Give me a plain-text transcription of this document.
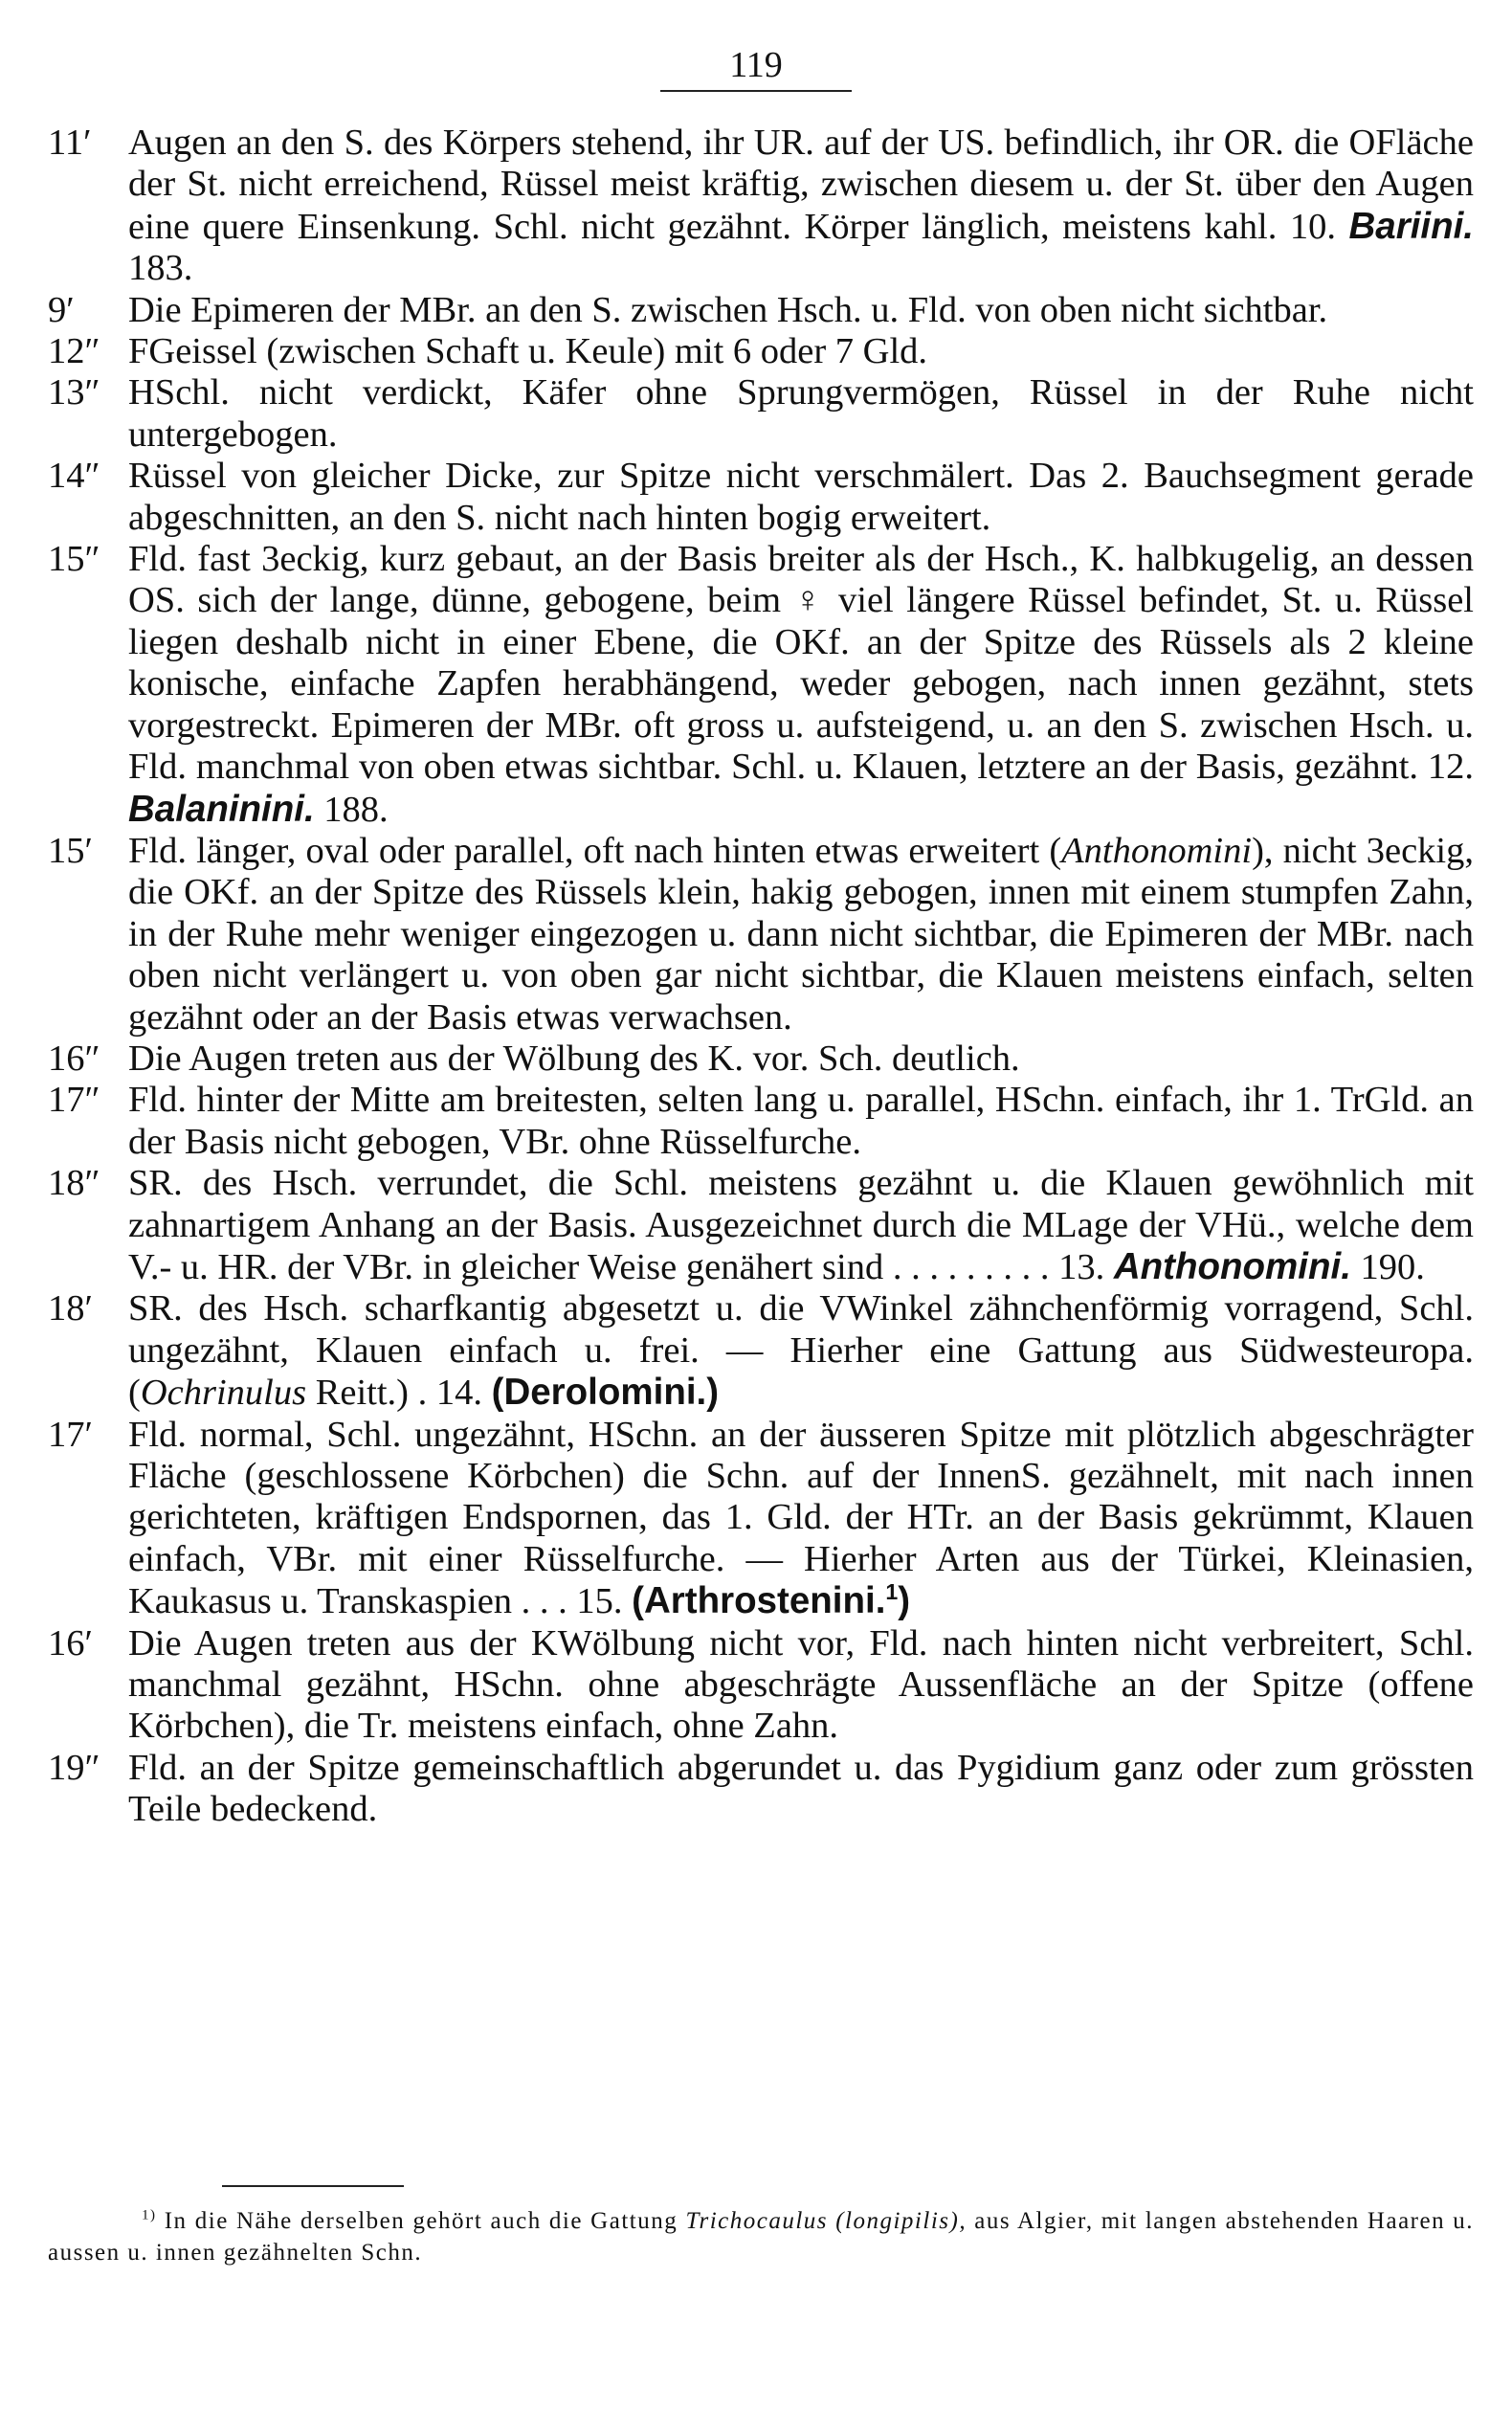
119
11′	Augen an den S. des Körpers stehend, ihr UR. auf der US. befindlich, ihr OR. die OFläche der St. nicht erreichend, Rüssel meist kräftig, zwischen diesem u. der St. über den Augen eine quere Einsenkung. Schl. nicht gezähnt. Körper länglich, meistens kahl. 10. Bariini. 183.
9′	Die Epimeren der MBr. an den S. zwischen Hsch. u. Fld. von oben nicht sichtbar.
12″ FGeissel (zwischen Schaft u. Keule) mit 6 oder 7 Gld.
13″ HSchl. nicht verdickt, Käfer ohne Sprungvermögen, Rüssel in der Ruhe nicht untergebogen.
14″ Rüssel von gleicher Dicke, zur Spitze nicht verschmälert. Das 2. Bauchsegment gerade abgeschnitten, an den S. nicht nach hinten bogig erweitert.
15″ Fld. fast 3eckig, kurz gebaut, an der Basis breiter als der Hsch., K. halbkugelig, an dessen OS. sich der lange, dünne, gebogene, beim ♀ viel längere Rüssel befindet, St. u. Rüssel liegen deshalb nicht in einer Ebene, die OKf. an der Spitze des Rüssels als 2 kleine konische, einfache Zapfen herabhängend, weder gebogen, nach innen gezähnt, stets vorgestreckt. Epimeren der MBr. oft gross u. aufsteigend, u. an den S. zwischen Hsch. u. Fld. manchmal von oben etwas sichtbar. Schl. u. Klauen, letztere an der Basis, gezähnt. 12. Balaninini. 188.
15′ Fld. länger, oval oder parallel, oft nach hinten etwas erweitert (Anthonomini), nicht 3eckig, die OKf. an der Spitze des Rüssels klein, hakig gebogen, innen mit einem stumpfen Zahn, in der Ruhe mehr weniger eingezogen u. dann nicht sichtbar, die Epimeren der MBr. nach oben nicht verlängert u. von oben gar nicht sichtbar, die Klauen meistens einfach, selten gezähnt oder an der Basis etwas verwachsen.
16″ Die Augen treten aus der Wölbung des K. vor. Sch. deutlich.
17″ Fld. hinter der Mitte am breitesten, selten lang u. parallel, HSchn. einfach, ihr 1. TrGld. an der Basis nicht gebogen, VBr. ohne Rüsselfurche.
18″ SR. des Hsch. verrundet, die Schl. meistens gezähnt u. die Klauen gewöhnlich mit zahnartigem Anhang an der Basis. Ausgezeichnet durch die MLage der VHü., welche dem V.- u. HR. der VBr. in gleicher Weise genähert sind . . . . . . . . . 13. Anthonomini. 190.
18′ SR. des Hsch. scharfkantig abgesetzt u. die VWinkel zähnchenförmig vorragend, Schl. ungezähnt, Klauen einfach u. frei. — Hierher eine Gattung aus Südwesteuropa. (Ochrinulus Reitt.) . 14. (Derolomini.)
17′ Fld. normal, Schl. ungezähnt, HSchn. an der äusseren Spitze mit plötzlich abgeschrägter Fläche (geschlossene Körbchen) die Schn. auf der InnenS. gezähnelt, mit nach innen gerichteten, kräftigen Endspornen, das 1. Gld. der HTr. an der Basis gekrümmt, Klauen einfach, VBr. mit einer Rüsselfurche. — Hierher Arten aus der Türkei, Kleinasien, Kaukasus u. Transkaspien . . . 15. (Arthrostenini.$^1$)
16′ Die Augen treten aus der KWölbung nicht vor, Fld. nach hinten nicht verbreitert, Schl. manchmal gezähnt, HSchn. ohne abgeschrägte Aussenfläche an der Spitze (offene Körbchen), die Tr. meistens einfach, ohne Zahn.
19″ Fld. an der Spitze gemeinschaftlich abgerundet u. das Pygidium ganz oder zum grössten Teile bedeckend.
$^{1)}$ In die Nähe derselben gehört auch die Gattung Trichocaulus (longipilis), aus Algier, mit langen abstehenden Haaren u. aussen u. innen gezähnelten Schn.
